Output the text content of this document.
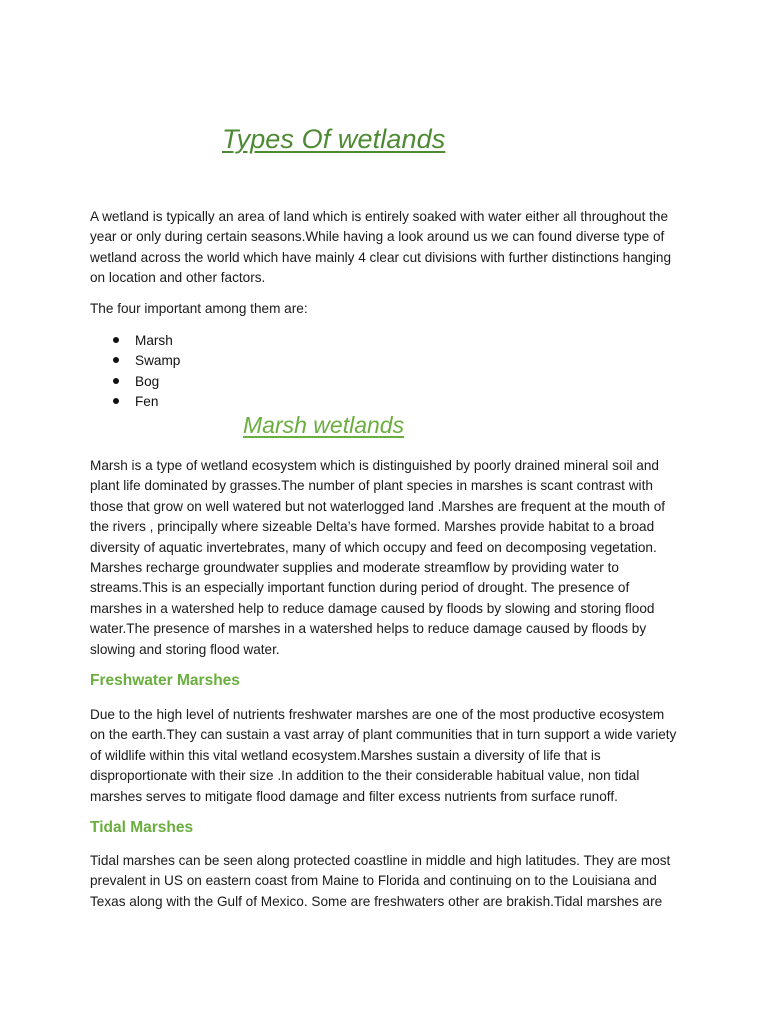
Types Of wetlands

A wetland is typically an area of land which is entirely soaked with water either all throughout the year or only during certain seasons.While having a look around us we can found diverse type of wetland across the world which have mainly 4 clear cut divisions with further distinctions hanging on location and other factors.

The four important among them are:

Marsh
Swamp
Bog
Fen
Marsh wetlands

Marsh is a type of wetland ecosystem which is distinguished by poorly drained mineral soil and plant life dominated by grasses.The number of plant species in marshes is scant contrast with those that grow on well watered but not waterlogged land .Marshes are frequent at the mouth of the rivers , principally where sizeable Delta’s have formed. Marshes provide habitat to a broad diversity of aquatic invertebrates, many of which occupy and feed on decomposing vegetation. Marshes recharge groundwater supplies and moderate streamflow by providing water to streams.This is an especially important function during period of drought. The presence of marshes in a watershed help to reduce damage caused by floods by slowing and storing flood water.The presence of marshes in a watershed helps to reduce damage caused by floods by slowing and storing flood water.

Freshwater Marshes

Due to the high level of nutrients freshwater marshes are one of the most productive ecosystem on the earth.They can sustain a vast array of plant communities that in turn support a wide variety of wildlife within this vital wetland ecosystem.Marshes sustain a diversity of life that is disproportionate with their size .In addition to the their considerable habitual value, non tidal marshes serves to mitigate flood damage and filter excess nutrients from surface runoff.

Tidal Marshes

Tidal marshes can be seen along protected coastline in middle and high latitudes. They are most prevalent in US on eastern coast from Maine to Florida and continuing on to the Louisiana and Texas along with the Gulf of Mexico. Some are freshwaters other are brakish.Tidal marshes are
